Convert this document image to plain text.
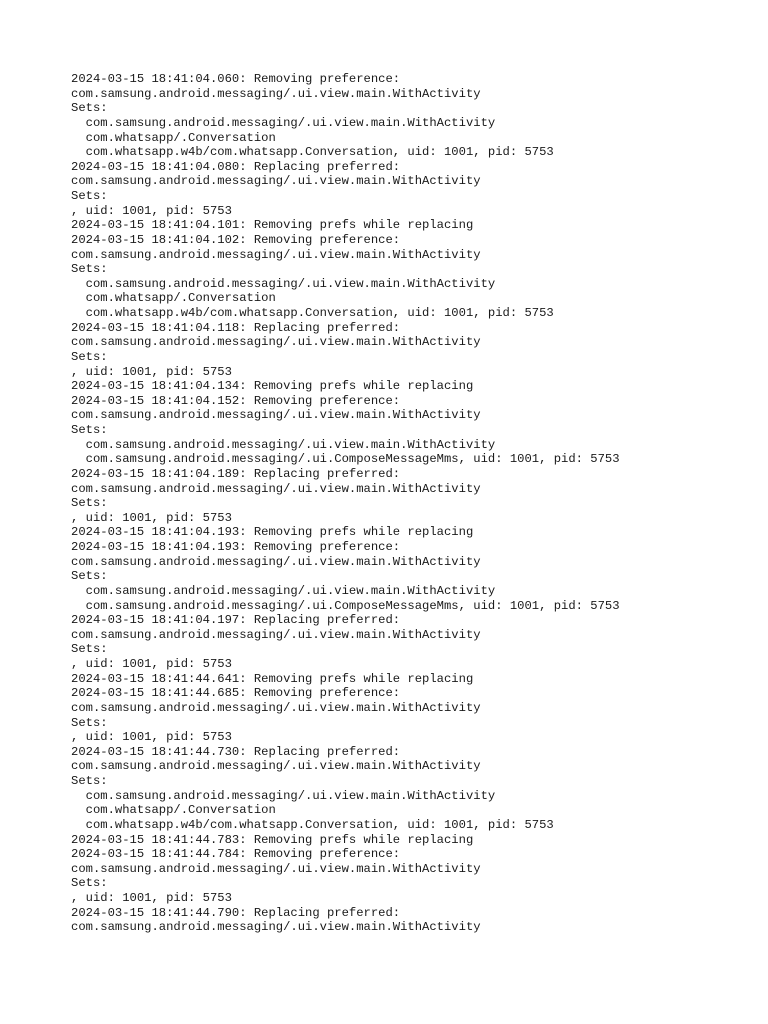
2024-03-15 18:41:04.060: Removing preference:
com.samsung.android.messaging/.ui.view.main.WithActivity
Sets:
com.samsung.android.messaging/.ui.view.main.WithActivity
com.whatsapp/.Conversation
com.whatsapp.w4b/com.whatsapp.Conversation, uid: 1001, pid: 5753
2024-03-15 18:41:04.080: Replacing preferred:
com.samsung.android.messaging/.ui.view.main.WithActivity
Sets:
, uid: 1001, pid: 5753
2024-03-15 18:41:04.101: Removing prefs while replacing
2024-03-15 18:41:04.102: Removing preference:
com.samsung.android.messaging/.ui.view.main.WithActivity
Sets:
com.samsung.android.messaging/.ui.view.main.WithActivity
com.whatsapp/.Conversation
com.whatsapp.w4b/com.whatsapp.Conversation, uid: 1001, pid: 5753
2024-03-15 18:41:04.118: Replacing preferred:
com.samsung.android.messaging/.ui.view.main.WithActivity
Sets:
, uid: 1001, pid: 5753
2024-03-15 18:41:04.134: Removing prefs while replacing
2024-03-15 18:41:04.152: Removing preference:
com.samsung.android.messaging/.ui.view.main.WithActivity
Sets:
com.samsung.android.messaging/.ui.view.main.WithActivity
com.samsung.android.messaging/.ui.ComposeMessageMms, uid: 1001, pid: 5753
2024-03-15 18:41:04.189: Replacing preferred:
com.samsung.android.messaging/.ui.view.main.WithActivity
Sets:
, uid: 1001, pid: 5753
2024-03-15 18:41:04.193: Removing prefs while replacing
2024-03-15 18:41:04.193: Removing preference:
com.samsung.android.messaging/.ui.view.main.WithActivity
Sets:
com.samsung.android.messaging/.ui.view.main.WithActivity
com.samsung.android.messaging/.ui.ComposeMessageMms, uid: 1001, pid: 5753
2024-03-15 18:41:04.197: Replacing preferred:
com.samsung.android.messaging/.ui.view.main.WithActivity
Sets:
, uid: 1001, pid: 5753
2024-03-15 18:41:44.641: Removing prefs while replacing
2024-03-15 18:41:44.685: Removing preference:
com.samsung.android.messaging/.ui.view.main.WithActivity
Sets:
, uid: 1001, pid: 5753
2024-03-15 18:41:44.730: Replacing preferred:
com.samsung.android.messaging/.ui.view.main.WithActivity
Sets:
com.samsung.android.messaging/.ui.view.main.WithActivity
com.whatsapp/.Conversation
com.whatsapp.w4b/com.whatsapp.Conversation, uid: 1001, pid: 5753
2024-03-15 18:41:44.783: Removing prefs while replacing
2024-03-15 18:41:44.784: Removing preference:
com.samsung.android.messaging/.ui.view.main.WithActivity
Sets:
, uid: 1001, pid: 5753
2024-03-15 18:41:44.790: Replacing preferred:
com.samsung.android.messaging/.ui.view.main.WithActivity
